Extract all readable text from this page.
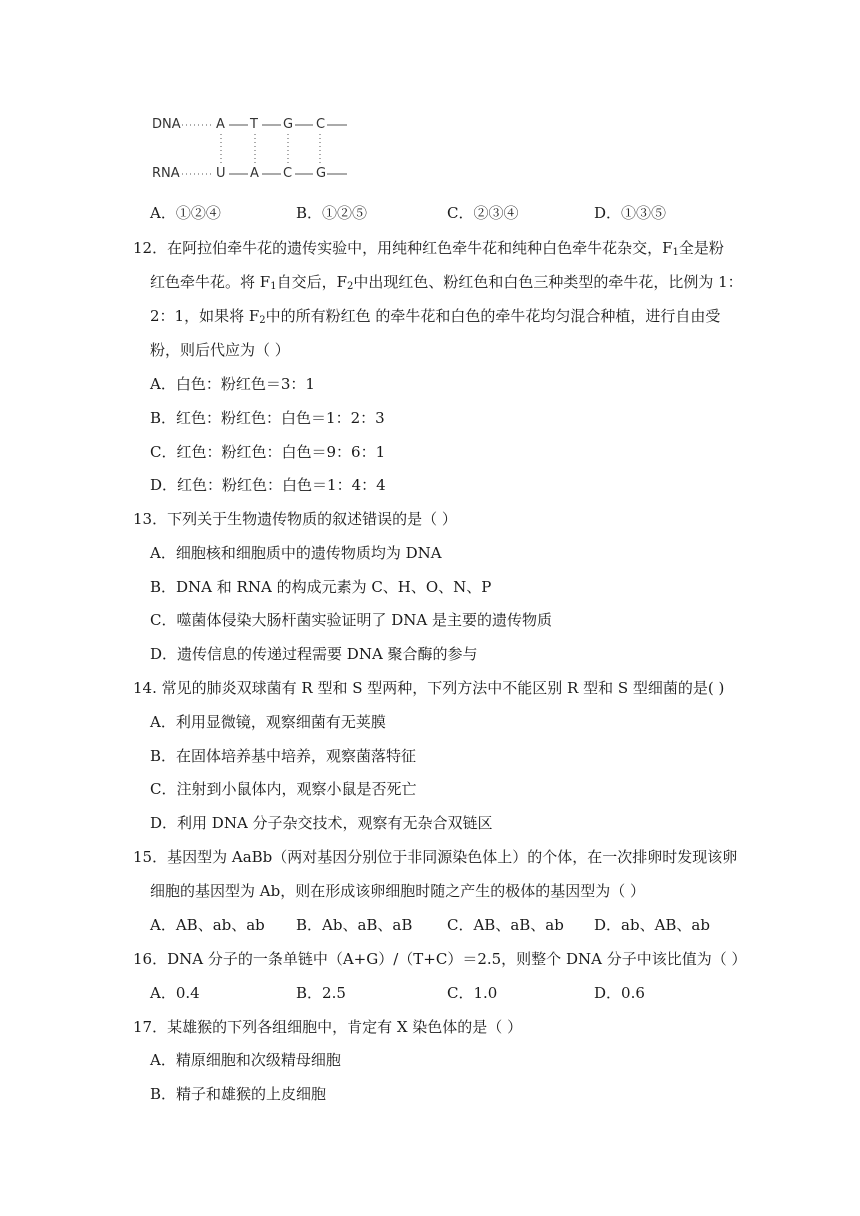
DNA
RNA
A T G C
U A C G
A．①②④	B．①②⑤	C．②③④	D．①③⑤
12．在阿拉伯牵牛花的遗传实验中，用纯种红色牵牛花和纯种白色牵牛花杂交，$F_1$全是粉
红色牵牛花。将 $F_1$自交后，$F_2$中出现红色、粉红色和白色三种类型的牵牛花，比例为 1：
2：1，如果将 $F_2$中的所有粉红色 的牵牛花和白色的牵牛花均匀混合种植，进行自由受
粉，则后代应为（ ）
A．白色：粉红色＝3：1
B．红色：粉红色：白色＝1：2：3
C．红色：粉红色：白色＝9：6：1
D．红色：粉红色：白色＝1：4：4
13．下列关于生物遗传物质的叙述错误的是（ ）
A．细胞核和细胞质中的遗传物质均为 DNA
B．DNA 和 RNA 的构成元素为 C、H、O、N、P
C．噬菌体侵染大肠杆菌实验证明了 DNA 是主要的遗传物质
D．遗传信息的传递过程需要 DNA 聚合酶的参与
14. 常见的肺炎双球菌有 R 型和 S 型两种，下列方法中不能区别 R 型和 S 型细菌的是( )
A．利用显微镜，观察细菌有无荚膜
B．在固体培养基中培养，观察菌落特征
C．注射到小鼠体内，观察小鼠是否死亡
D．利用 DNA 分子杂交技术，观察有无杂合双链区
15．基因型为 AaBb（两对基因分别位于非同源染色体上）的个体，在一次排卵时发现该卵
细胞的基因型为 Ab，则在形成该卵细胞时随之产生的极体的基因型为（ ）
A．AB、ab、ab B．Ab、aB、aB C．AB、aB、ab D．ab、AB、ab
16．DNA 分子的一条单链中（A+G）/（T+C）＝2.5，则整个 DNA 分子中该比值为（ ）
A．0.4	B．2.5	C．1.0	D．0.6
17．某雄猴的下列各组细胞中，肯定有 X 染色体的是（ ）
A．精原细胞和次级精母细胞
B．精子和雄猴的上皮细胞
